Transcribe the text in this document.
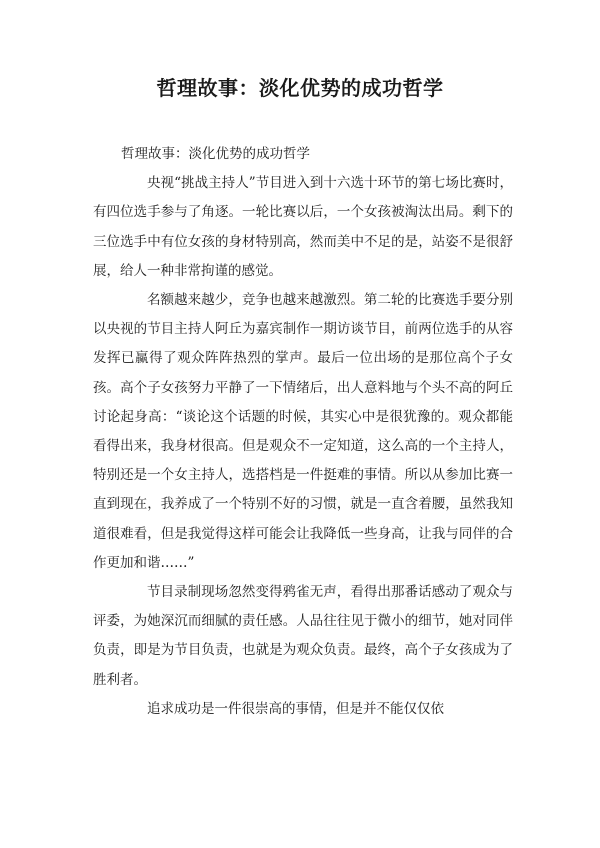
哲理故事：淡化优势的成功哲学

哲理故事：淡化优势的成功哲学

央视“挑战主持人”节目进入到十六选十环节的第七场比赛时，有四位选手参与了角逐。一轮比赛以后，一个女孩被淘汰出局。剩下的三位选手中有位女孩的身材特别高，然而美中不足的是，站姿不是很舒展，给人一种非常拘谨的感觉。

名额越来越少，竞争也越来越激烈。第二轮的比赛选手要分别以央视的节目主持人阿丘为嘉宾制作一期访谈节目，前两位选手的从容发挥已赢得了观众阵阵热烈的掌声。最后一位出场的是那位高个子女孩。高个子女孩努力平静了一下情绪后，出人意料地与个头不高的阿丘讨论起身高：“谈论这个话题的时候，其实心中是很犹豫的。观众都能看得出来，我身材很高。但是观众不一定知道，这么高的一个主持人，特别还是一个女主持人，选搭档是一件挺难的事情。所以从参加比赛一直到现在，我养成了一个特别不好的习惯，就是一直含着腰，虽然我知道很难看，但是我觉得这样可能会让我降低一些身高，让我与同伴的合作更加和谐……”

节目录制现场忽然变得鸦雀无声，看得出那番话感动了观众与评委，为她深沉而细腻的责任感。人品往往见于微小的细节，她对同伴负责，即是为节目负责，也就是为观众负责。最终，高个子女孩成为了胜利者。

追求成功是一件很崇高的事情，但是并不能仅仅依
